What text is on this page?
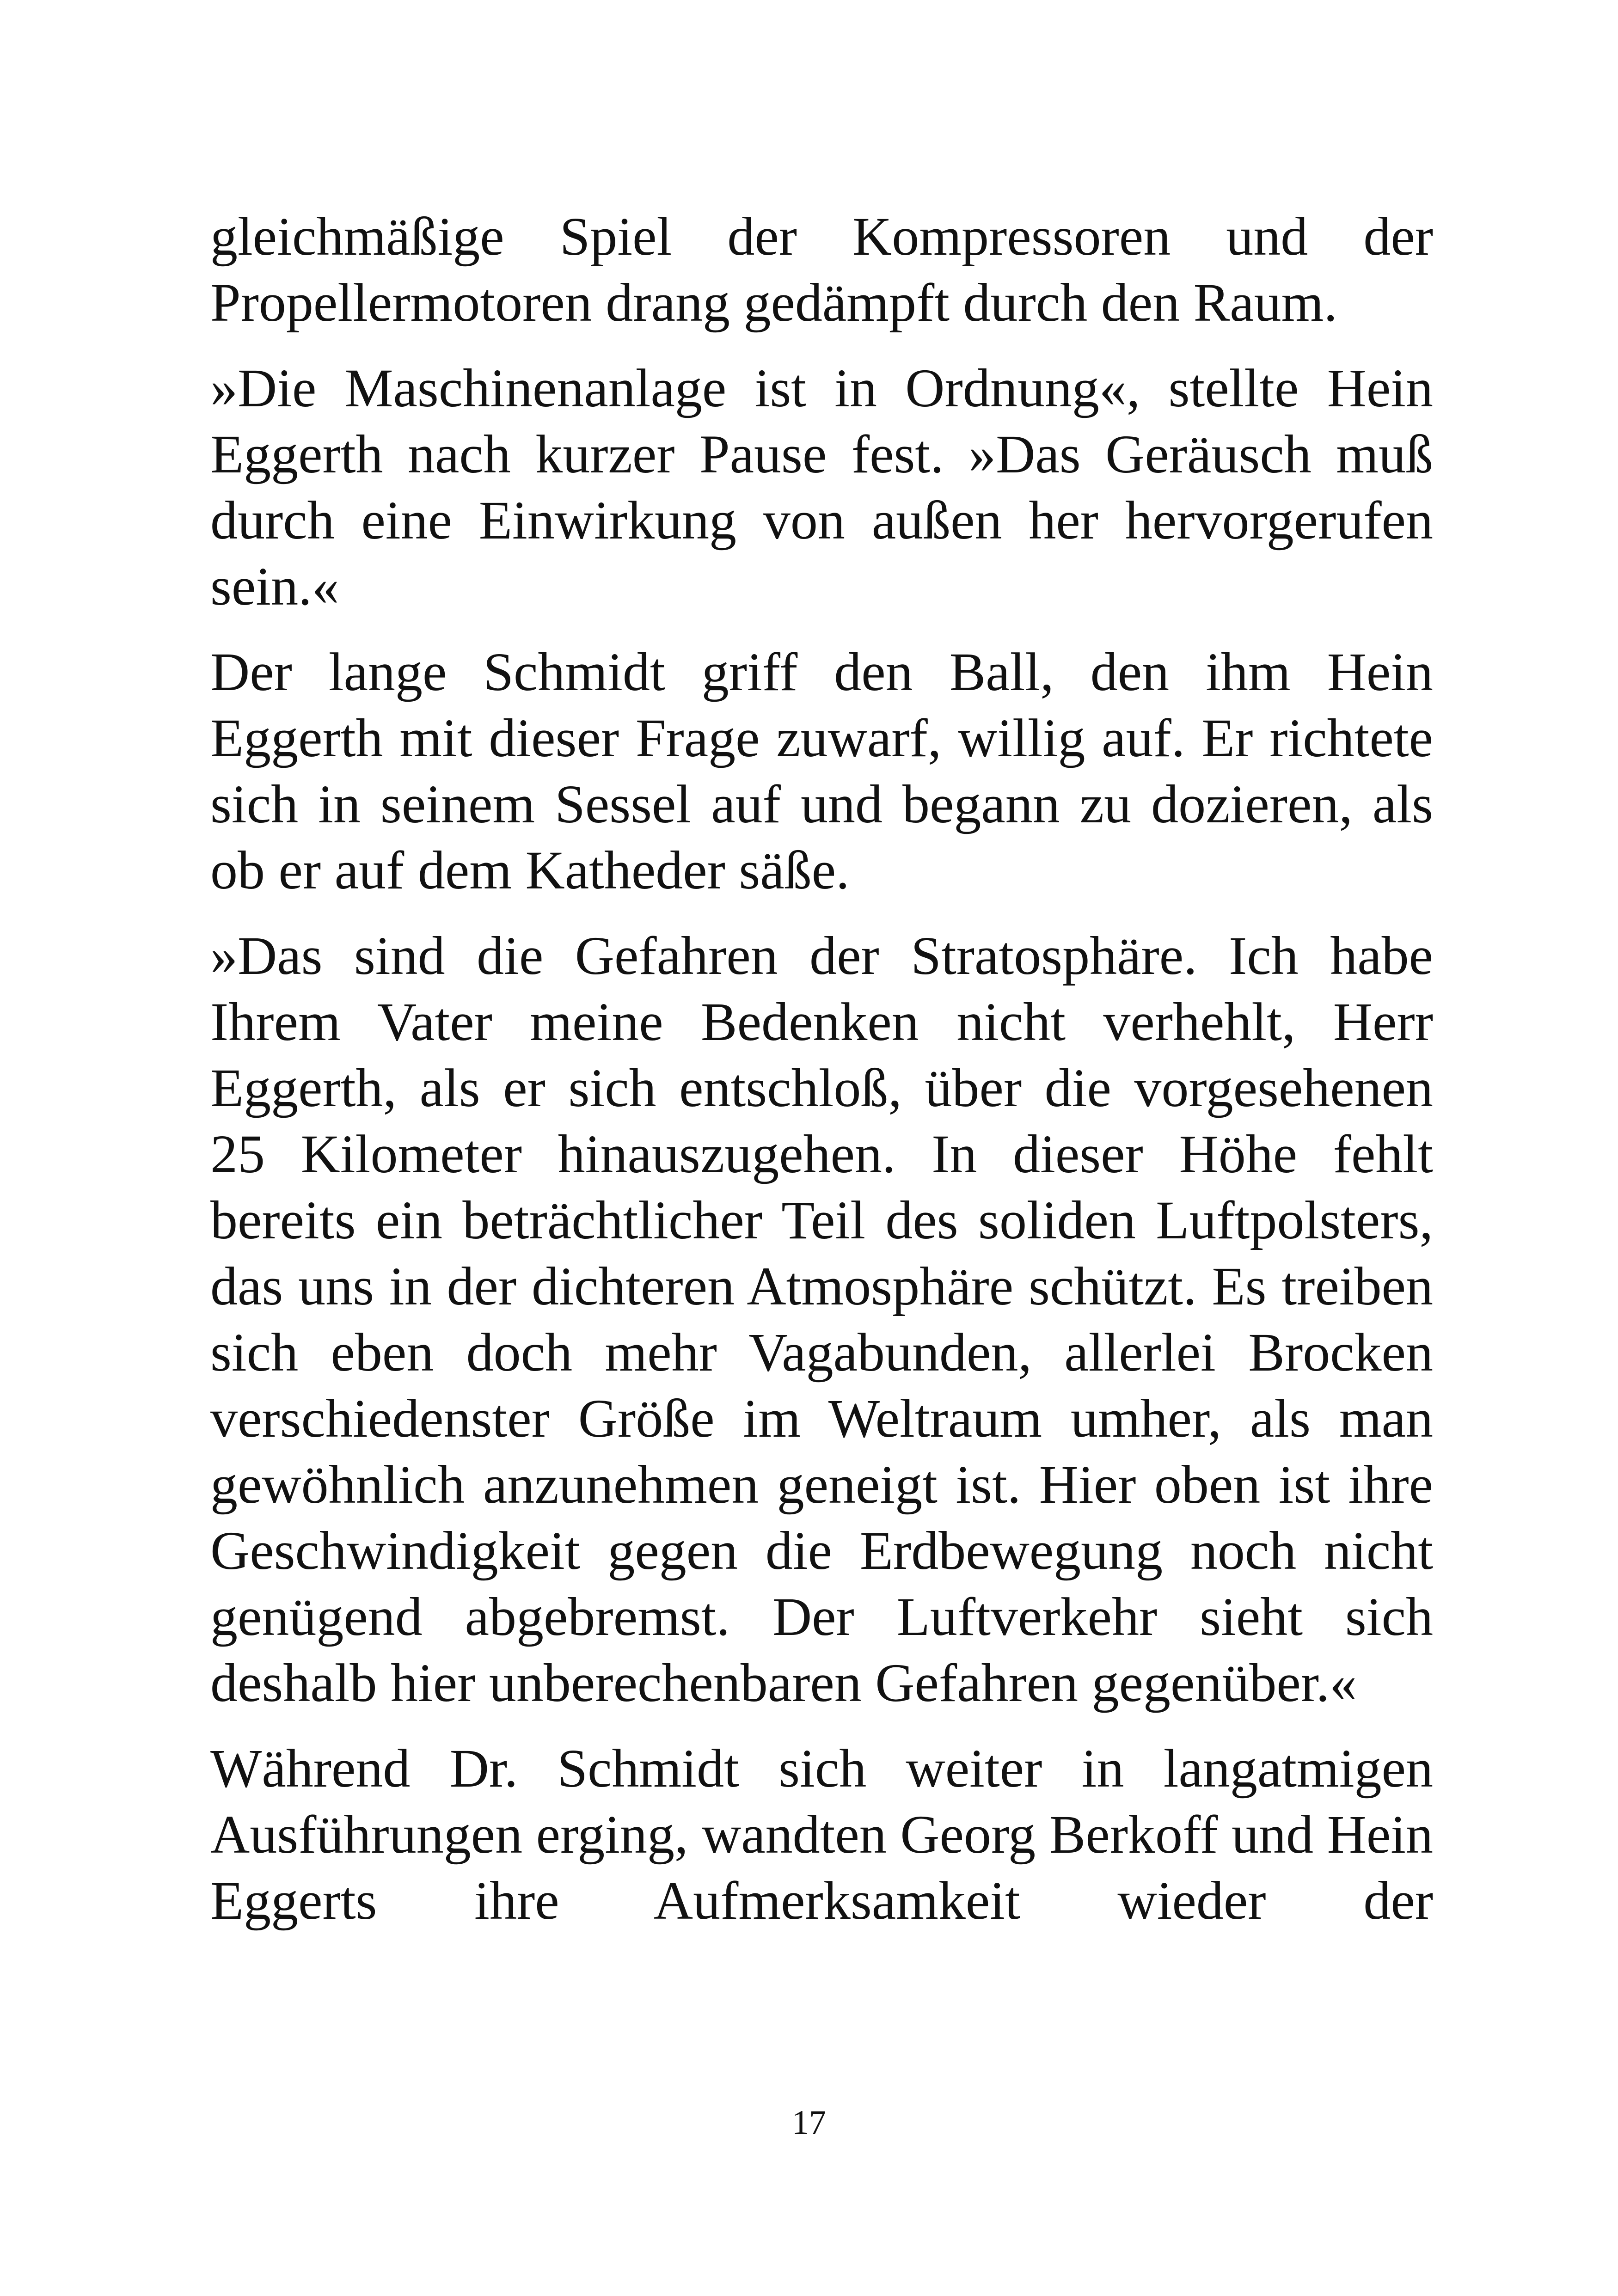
gleichmäßige Spiel der Kompressoren und der Propellermotoren drang gedämpft durch den Raum.

»Die Maschinenanlage ist in Ordnung«, stellte Hein Eggerth nach kurzer Pause fest. »Das Geräusch muß durch eine Einwirkung von außen her hervorgerufen sein.«

Der lange Schmidt griff den Ball, den ihm Hein Eggerth mit dieser Frage zuwarf, willig auf. Er richtete sich in seinem Sessel auf und begann zu dozieren, als ob er auf dem Katheder säße.

»Das sind die Gefahren der Stratosphäre. Ich habe Ihrem Vater meine Bedenken nicht verhehlt, Herr Eggerth, als er sich entschloß, über die vorgesehenen 25 Kilometer hinauszugehen. In dieser Höhe fehlt bereits ein beträchtlicher Teil des soliden Luftpolsters, das uns in der dichteren Atmosphäre schützt. Es treiben sich eben doch mehr Vagabunden, allerlei Brocken verschiedenster Größe im Weltraum umher, als man gewöhnlich anzunehmen geneigt ist. Hier oben ist ihre Geschwindigkeit gegen die Erdbewegung noch nicht genügend abgebremst. Der Luftverkehr sieht sich deshalb hier unberechenbaren Gefahren gegenüber.«

Während Dr. Schmidt sich weiter in langatmigen Ausführungen erging, wandten Georg Berkoff und Hein Eggerts ihre Aufmerksamkeit wieder der

17
